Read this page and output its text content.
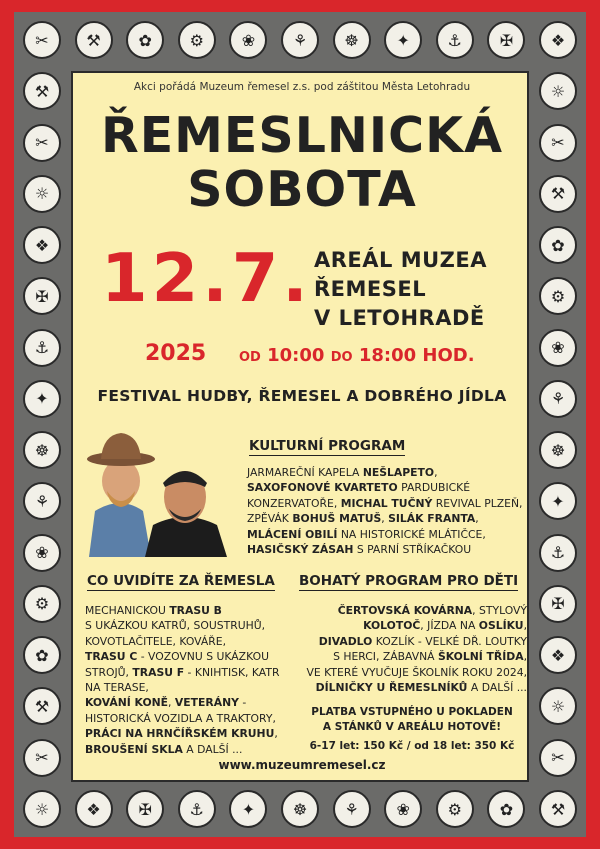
✂	⚒	✿	⚙	❀	⚘	☸	✦	⚓	✠	❖
☼
✂
⚒
✿
⚙
❀
⚘
☸
✦
⚓
✠
❖
☼
✂
⚒
✿
⚙
❀
⚘
☸
✦
⚓
✠
❖
☼
✂
⚒
✿
⚙
❀
⚘
☸
✦
⚓
✠
❖
☼
✂
⚒	Akci pořádá Muzeum řemesel z.s. pod záštitou Města Letohradu
ŘEMESLNICKÁ
SOBOTA
12.7.
2025
AREÁL MUZEA
ŘEMESEL
V LETOHRADĚ
OD 10:00 DO 18:00 HOD.
FESTIVAL HUDBY, ŘEMESEL A DOBRÉHO JÍDLA
KULTURNÍ PROGRAM
JARMAREČNÍ KAPELA NEŠLAPETO,
SAXOFONOVÉ KVARTETO PARDUBICKÉ KONZERVATOŘE, MICHAL TUČNÝ REVIVAL PLZEŇ, ZPĚVÁK BOHUŠ MATUŠ, SILÁK FRANTA,
MLÁCENÍ OBILÍ NA HISTORICKÉ MLÁTIČCE,
HASIČSKÝ ZÁSAH S PARNÍ STŘÍKAČKOU
CO UVIDÍTE ZA ŘEMESLA
MECHANICKOU TRASU B
S UKÁZKOU KATRŮ, SOUSTRUHŮ, KOVOTLAČITELE, KOVÁŘE,
TRASU C - VOZOVNU S UKÁZKOU STROJŮ, TRASU F - KNIHTISK, KATR NA TERASE,
KOVÁNÍ KONĚ, VETERÁNY - HISTORICKÁ VOZIDLA A TRAKTORY,
PRÁCI NA HRNČÍŘSKÉM KRUHU,
BROUŠENÍ SKLA A DALŠÍ ...
BOHATÝ PROGRAM PRO DĚTI
ČERTOVSKÁ KOVÁRNA, STYLOVÝ
KOLOTOČ, JÍZDA NA OSLÍKU,
DIVADLO KOZLÍK - VELKÉ DŘ. LOUTKY
S HERCI, ZÁBAVNÁ ŠKOLNÍ TŘÍDA,
VE KTERÉ VYUČUJE ŠKOLNÍK ROKU 2024,
DÍLNIČKY U ŘEMESLNÍKŮ A DALŠÍ ...
PLATBA VSTUPNÉHO U POKLADEN
A STÁNKŮ V AREÁLU HOTOVĚ!
6-17 let: 150 Kč / od 18 let: 350 Kč
www.muzeumremesel.cz
